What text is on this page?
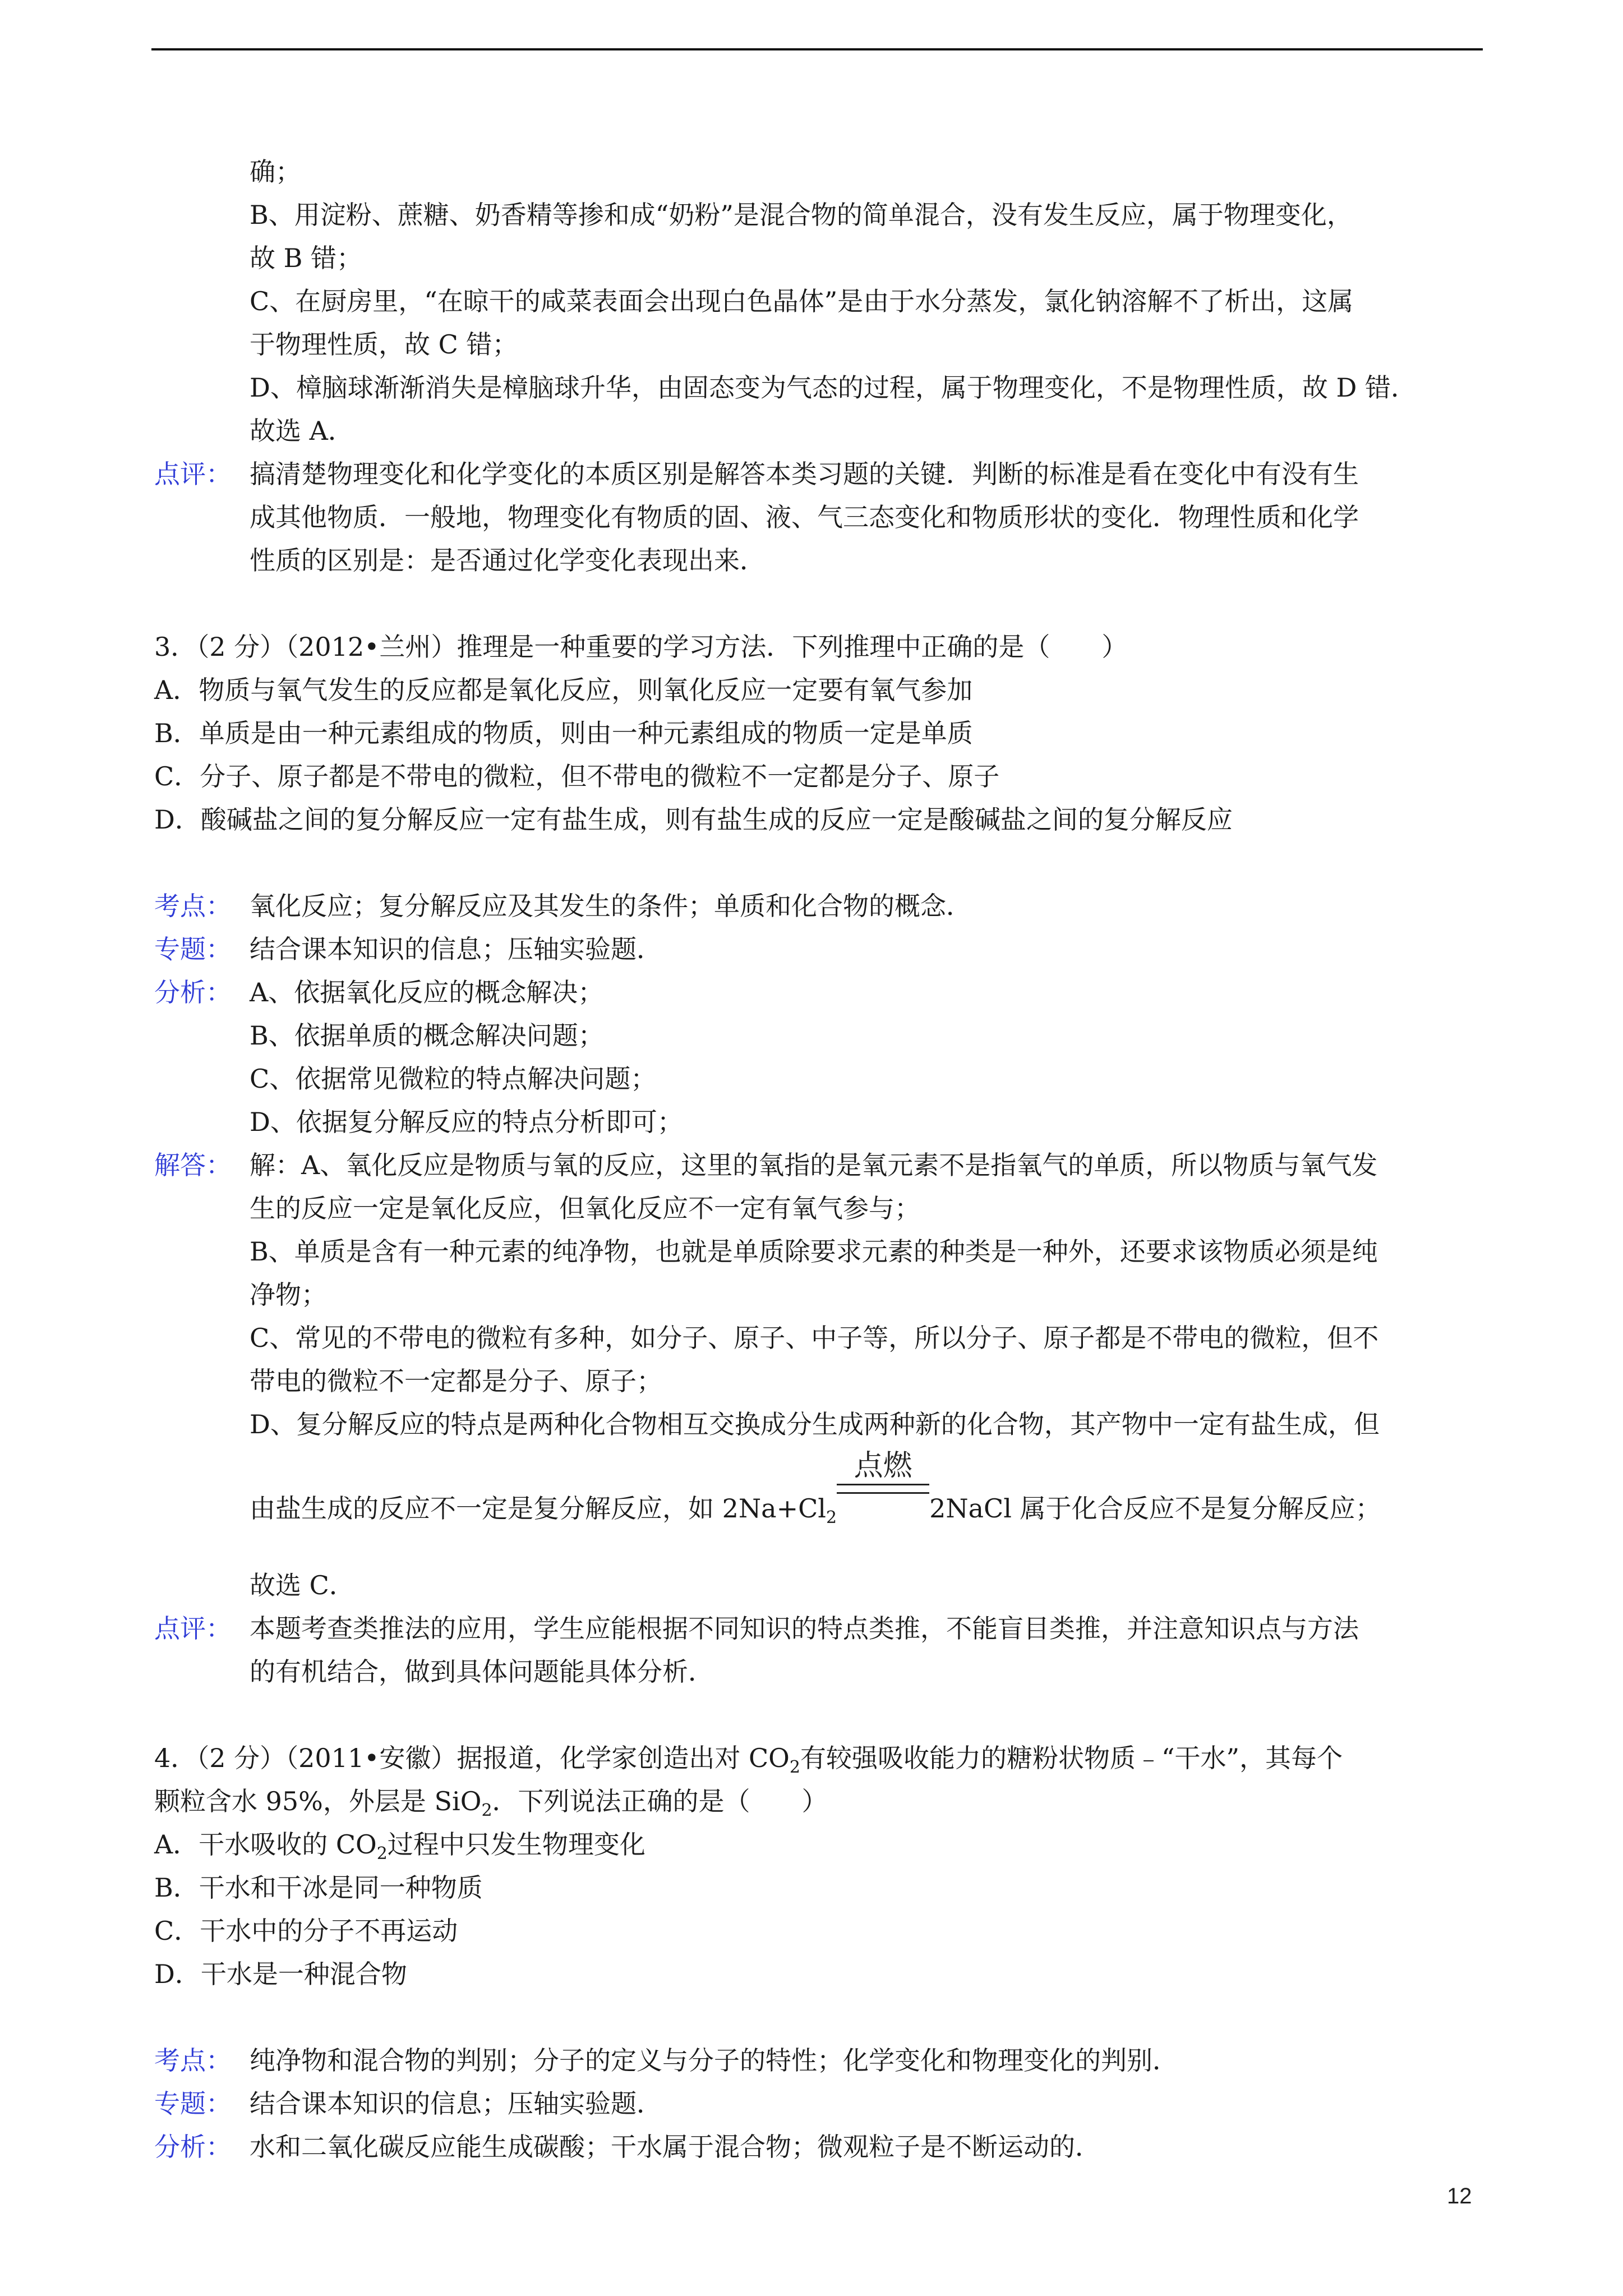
确；
B、用淀粉、蔗糖、奶香精等掺和成“奶粉”是混合物的简单混合，没有发生反应，属于物理变化，
故 B 错；
C、在厨房里，“在晾干的咸菜表面会出现白色晶体”是由于水分蒸发，氯化钠溶解不了析出，这属
于物理性质，故 C 错；
D、樟脑球渐渐消失是樟脑球升华，由固态变为气态的过程，属于物理变化，不是物理性质，故 D 错．
故选 A．
点评： 搞清楚物理变化和化学变化的本质区别是解答本类习题的关键．判断的标准是看在变化中有没有生
成其他物质．一般地，物理变化有物质的固、液、气三态变化和物质形状的变化．物理性质和化学
性质的区别是：是否通过化学变化表现出来．
3．（2 分）（2012•兰州）推理是一种重要的学习方法．下列推理中正确的是（　　）
A．物质与氧气发生的反应都是氧化反应，则氧化反应一定要有氧气参加
B．单质是由一种元素组成的物质，则由一种元素组成的物质一定是单质
C．分子、原子都是不带电的微粒，但不带电的微粒不一定都是分子、原子
D．酸碱盐之间的复分解反应一定有盐生成，则有盐生成的反应一定是酸碱盐之间的复分解反应
考点： 氧化反应；复分解反应及其发生的条件；单质和化合物的概念．
专题： 结合课本知识的信息；压轴实验题．
分析： A、依据氧化反应的概念解决；
B、依据单质的概念解决问题；
C、依据常见微粒的特点解决问题；
D、依据复分解反应的特点分析即可；
解答： 解：A、氧化反应是物质与氧的反应，这里的氧指的是氧元素不是指氧气的单质，所以物质与氧气发
生的反应一定是氧化反应，但氧化反应不一定有氧气参与；
B、单质是含有一种元素的纯净物，也就是单质除要求元素的种类是一种外，还要求该物质必须是纯
净物；
C、常见的不带电的微粒有多种，如分子、原子、中子等，所以分子、原子都是不带电的微粒，但不
带电的微粒不一定都是分子、原子；
D、复分解反应的特点是两种化合物相互交换成分生成两种新的化合物，其产物中一定有盐生成，但
由盐生成的反应不一定是复分解反应，如 $2Na+Cl_2$
点燃
2NaCl 属于化合反应不是复分解反应；
故选 C．
点评： 本题考查类推法的应用，学生应能根据不同知识的特点类推，不能盲目类推，并注意知识点与方法
的有机结合，做到具体问题能具体分析．
4．（2 分）（2011•安徽）据报道，化学家创造出对 $CO_2$有较强吸收能力的糖粉状物质﹣“干水”，其每个
颗粒含水 95%，外层是 SiO$_2$．下列说法正确的是（　　）
A．干水吸收的 $CO_2$过程中只发生物理变化
B．干水和干冰是同一种物质
C．干水中的分子不再运动
D．干水是一种混合物
考点： 纯净物和混合物的判别；分子的定义与分子的特性；化学变化和物理变化的判别．
专题： 结合课本知识的信息；压轴实验题．
分析： 水和二氧化碳反应能生成碳酸；干水属于混合物；微观粒子是不断运动的．
12
